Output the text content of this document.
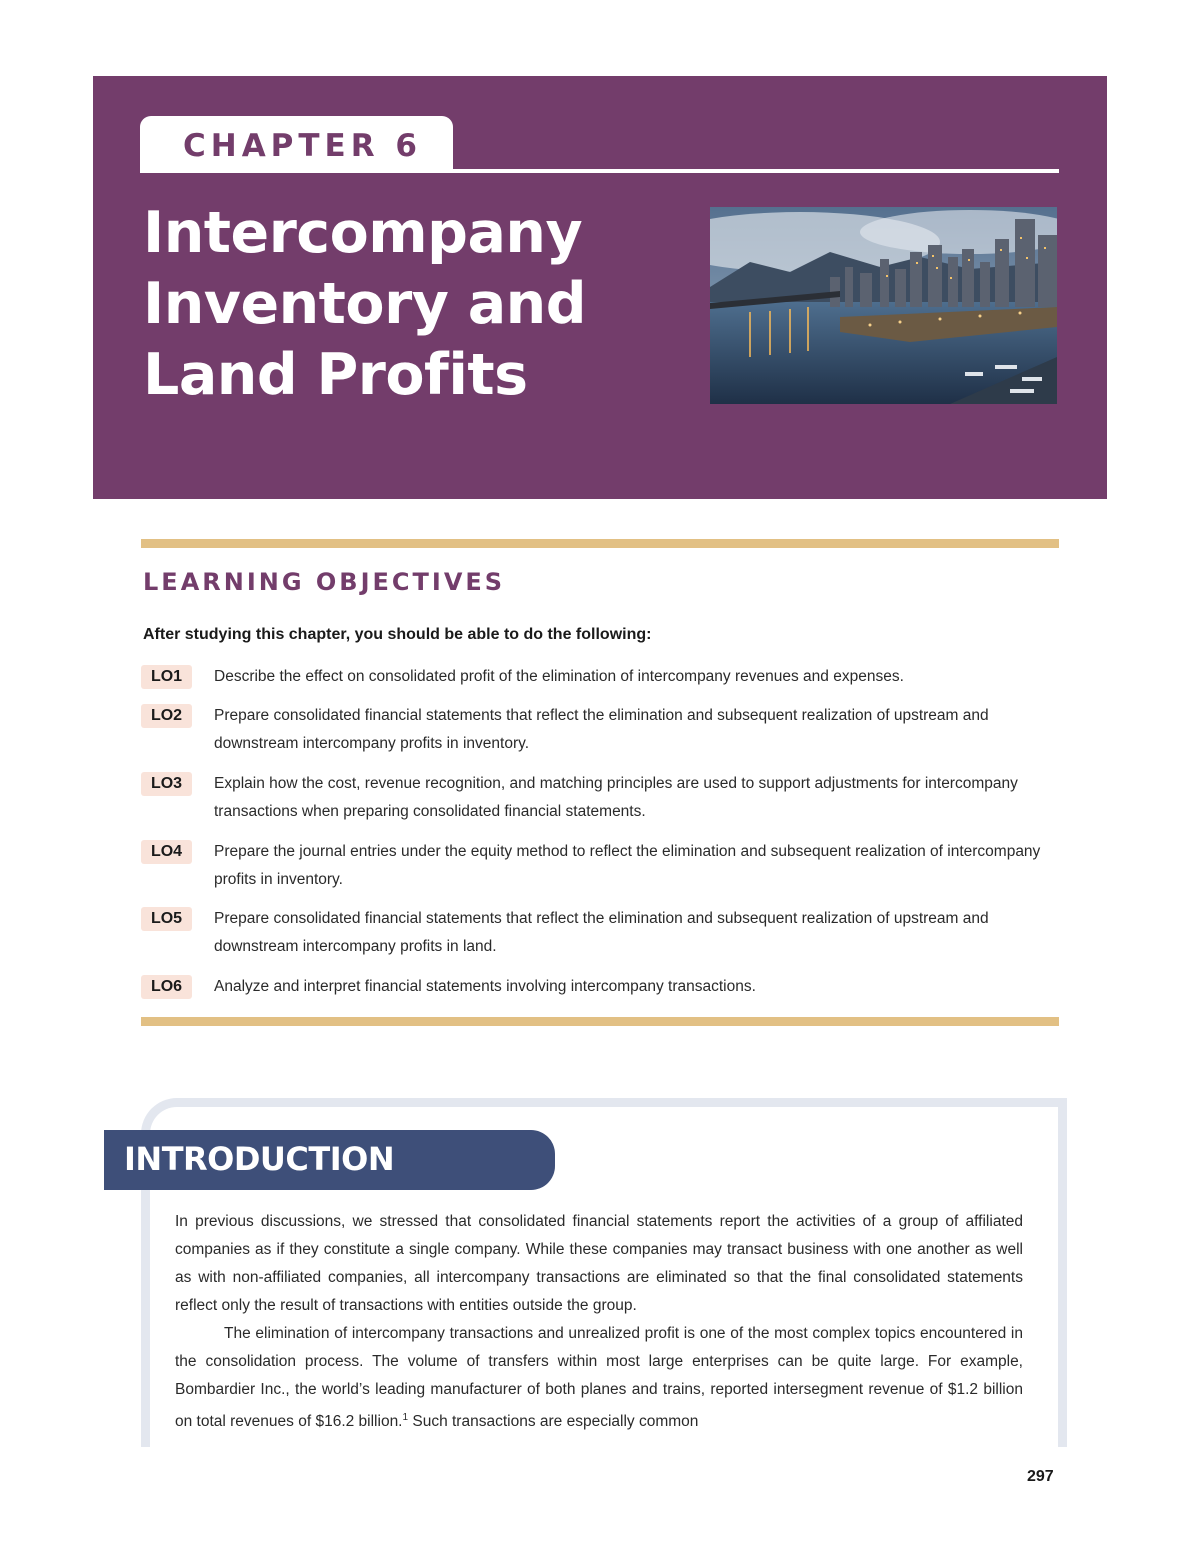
CHAPTER 6
Intercompany
Inventory and
Land Profits
LEARNING OBJECTIVES
After studying this chapter, you should be able to do the following:
LO1	Describe the effect on consolidated profit of the elimination of intercompany revenues and expenses.
LO2	Prepare consolidated financial statements that reflect the elimination and subsequent realization of upstream and downstream intercompany profits in inventory.
LO3	Explain how the cost, revenue recognition, and matching principles are used to support adjustments for intercompany transactions when preparing consolidated financial statements.
LO4	Prepare the journal entries under the equity method to reflect the elimination and subsequent realization of intercompany profits in inventory.
LO5	Prepare consolidated financial statements that reflect the elimination and subsequent realization of upstream and downstream intercompany profits in land.
LO6	Analyze and interpret financial statements involving intercompany transactions.
INTRODUCTION

In previous discussions, we stressed that consolidated financial statements report the activities of a group of affiliated companies as if they constitute a single company. While these companies may transact business with one another as well as with non-affiliated companies, all intercompany transactions are eliminated so that the final consolidated statements reflect only the result of transactions with entities outside the group.

The elimination of intercompany transactions and unrealized profit is one of the most complex topics encountered in the consolidation process. The volume of transfers within most large enterprises can be quite large. For example, Bombardier Inc., the world’s leading manufacturer of both planes and trains, reported intersegment revenue of $1.2 billion on total revenues of $16.2 billion.$^1$ Such transactions are especially common

297
